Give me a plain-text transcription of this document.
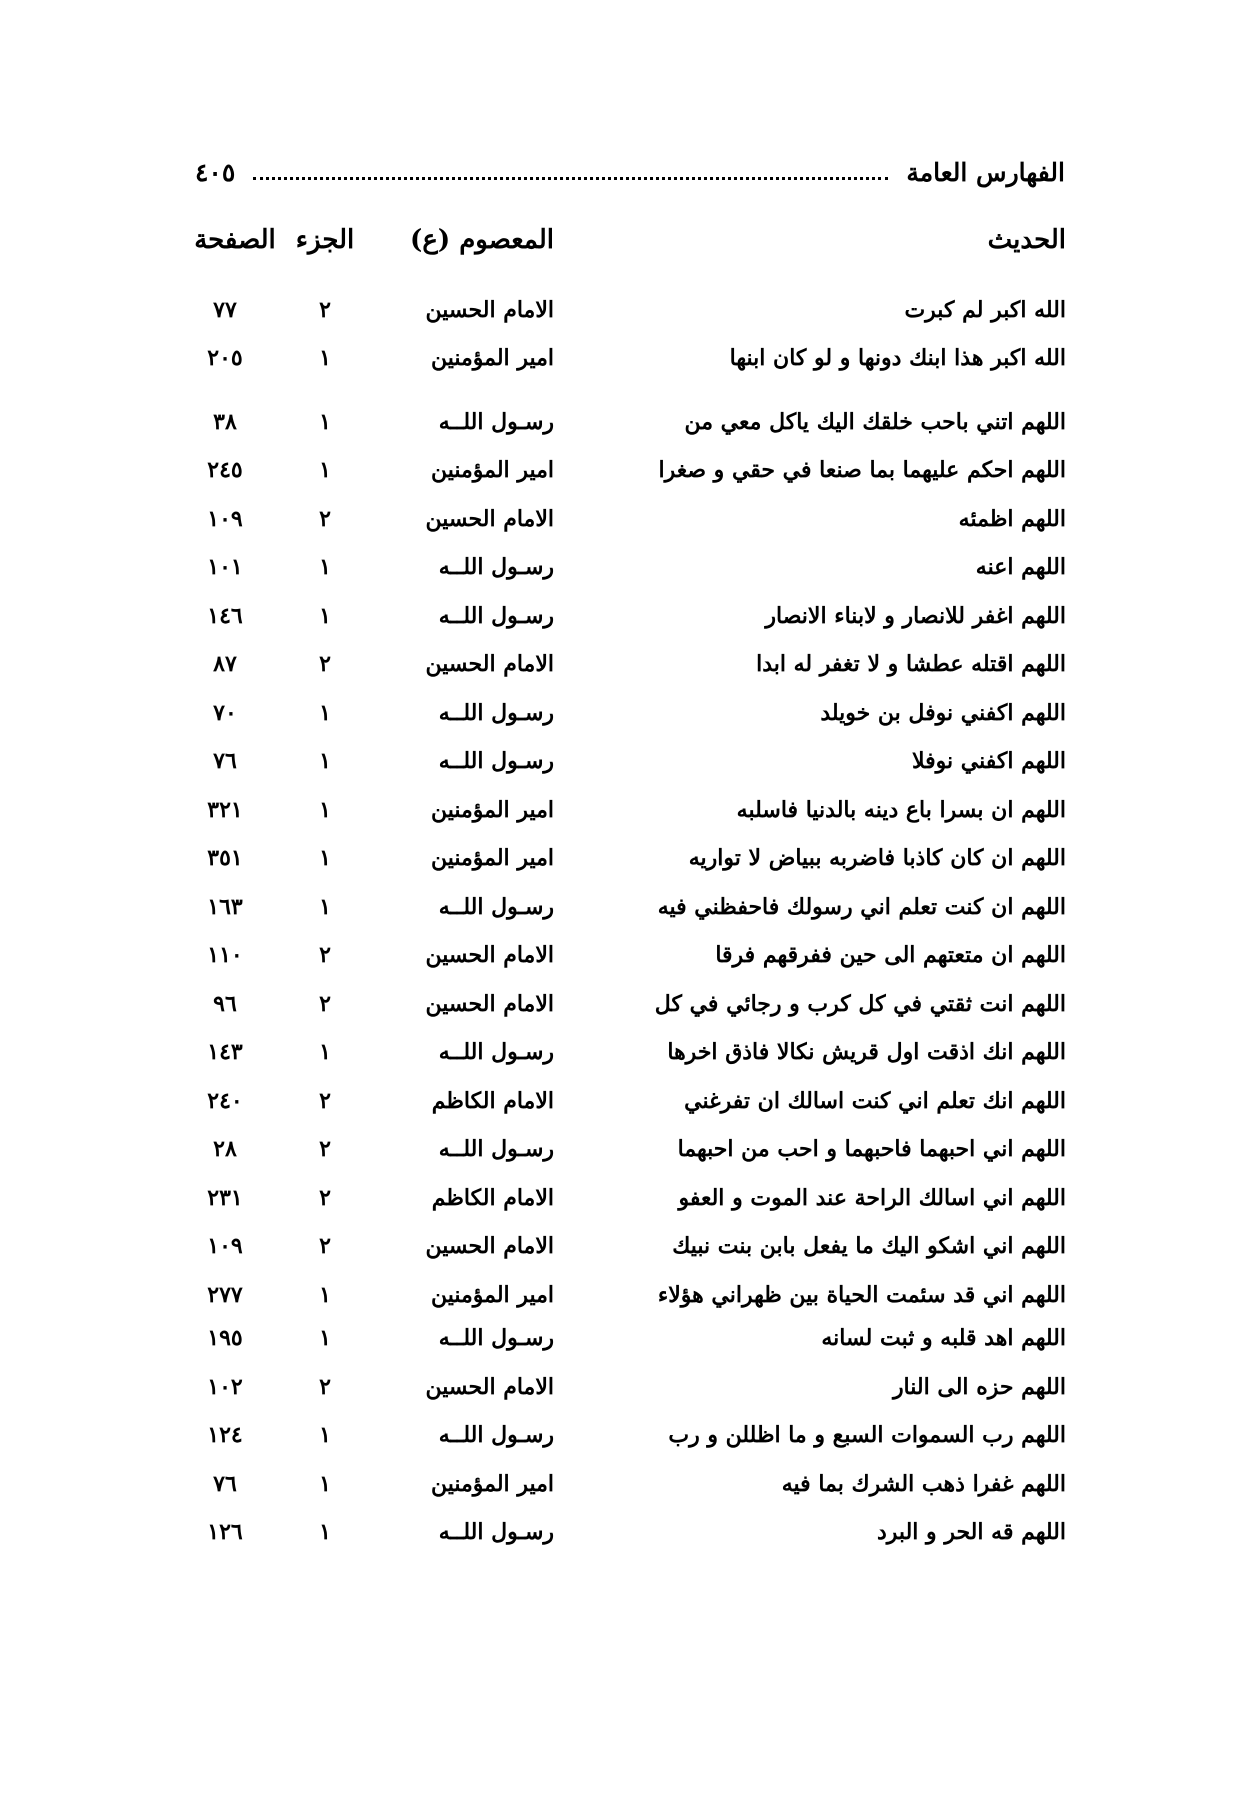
الفهارس العامة
٤٠٥
الحديث
المعصوم (ع)
الجزء
الصفحة
الله اكبر لم كبرت
الامام الحسين
٢
٧٧
الله اكبر هذا ابنك دونها و لو كان ابنها
امير المؤمنين
١
٢٠٥
اللهم اتني باحب خلقك اليك ياكل معي من
رسـول اللــه
١
٣٨
اللهم احكم عليهما بما صنعا في حقي و صغرا
امير المؤمنين
١
٢٤٥
اللهم اظمئه
الامام الحسين
٢
١٠٩
اللهم اعنه
رسـول اللــه
١
١٠١
اللهم اغفر للانصار و لابناء الانصار
رسـول اللــه
١
١٤٦
اللهم اقتله عطشا و لا تغفر له ابدا
الامام الحسين
٢
٨٧
اللهم اكفني نوفل بن خويلد
رسـول اللــه
١
٧٠
اللهم اكفني نوفلا
رسـول اللــه
١
٧٦
اللهم ان بسرا باع دينه بالدنيا فاسلبه
امير المؤمنين
١
٣٢١
اللهم ان كان كاذبا فاضربه ببياض لا تواريه
امير المؤمنين
١
٣٥١
اللهم ان كنت تعلم اني رسولك فاحفظني فيه
رسـول اللــه
١
١٦٣
اللهم ان متعتهم الى حين ففرقهم فرقا
الامام الحسين
٢
١١٠
اللهم انت ثقتي في كل كرب و رجائي في كل
الامام الحسين
٢
٩٦
اللهم انك اذقت اول قريش نكالا فاذق اخرها
رسـول اللــه
١
١٤٣
اللهم انك تعلم اني كنت اسالك ان تفرغني
الامام الكاظم
٢
٢٤٠
اللهم اني احبهما فاحبهما و احب من احبهما
رسـول اللــه
٢
٢٨
اللهم اني اسالك الراحة عند الموت و العفو
الامام الكاظم
٢
٢٣١
اللهم اني اشكو اليك ما يفعل بابن بنت نبيك
الامام الحسين
٢
١٠٩
اللهم اني قد سئمت الحياة بين ظهراني هؤلاء
امير المؤمنين
١
٢٧٧
اللهم اهد قلبه و ثبت لسانه
رسـول اللــه
١
١٩٥
اللهم حزه الى النار
الامام الحسين
٢
١٠٢
اللهم رب السموات السبع و ما اظللن و رب
رسـول اللــه
١
١٢٤
اللهم غفرا ذهب الشرك بما فيه
امير المؤمنين
١
٧٦
اللهم قه الحر و البرد
رسـول اللــه
١
١٢٦
